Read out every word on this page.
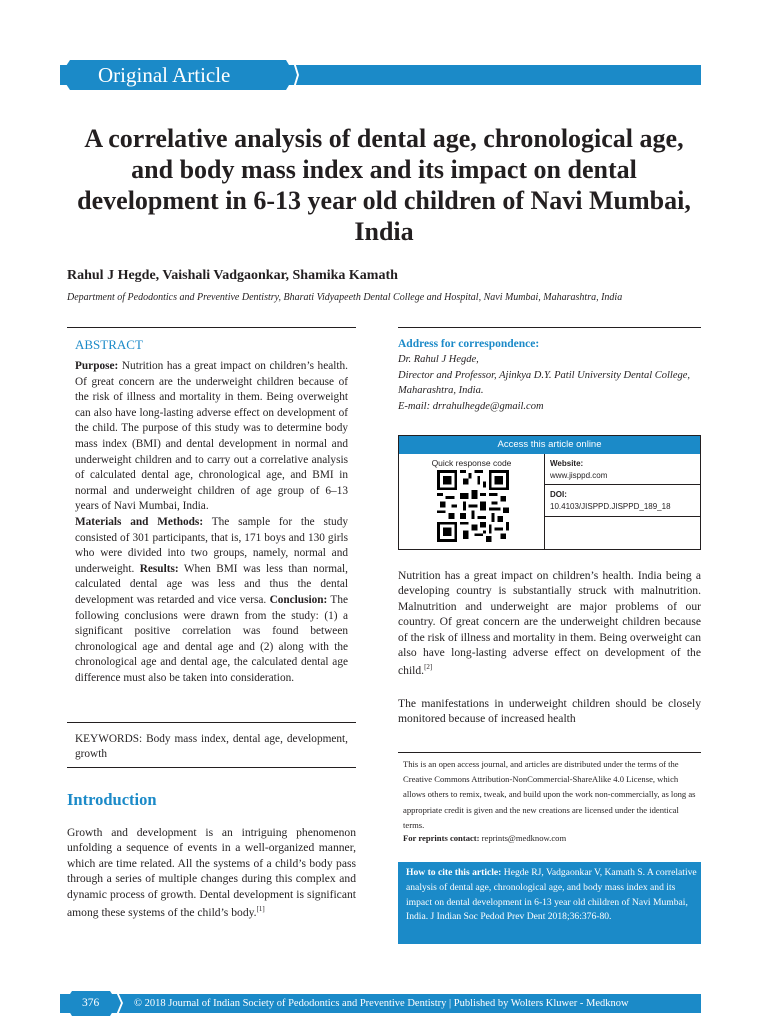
Original Article
A correlative analysis of dental age, chronological age, and body mass index and its impact on dental development in 6-13 year old children of Navi Mumbai, India
Rahul J Hegde, Vaishali Vadgaonkar, Shamika Kamath
Department of Pedodontics and Preventive Dentistry, Bharati Vidyapeeth Dental College and Hospital, Navi Mumbai, Maharashtra, India
ABSTRACT

Purpose: Nutrition has a great impact on children’s health. Of great concern are the underweight children because of the risk of illness and mortality in them. Being overweight can also have long-lasting adverse effect on development of the child. The purpose of this study was to determine body mass index (BMI) and dental development in normal and underweight children and to carry out a correlative analysis of calculated dental age, chronological age, and BMI in normal and underweight children of age group of 6–13 years of Navi Mumbai, India.
Materials and Methods: The sample for the study consisted of 301 participants, that is, 171 boys and 130 girls who were divided into two groups, namely, normal and underweight. Results: When BMI was less than normal, calculated dental age was less and thus the dental development was retarded and vice versa. Conclusion: The following conclusions were drawn from the study: (1) a significant positive correlation was found between chronological age and dental age and (2) along with the chronological age and dental age, the calculated dental age difference must also be taken into consideration.

KEYWORDS: Body mass index, dental age, development, growth
Introduction

Growth and development is an intriguing phenomenon unfolding a sequence of events in a well-organized manner, which are time related. All the systems of a child’s body pass through a series of multiple changes during this complex and dynamic process of growth. Dental development is significant among these systems of the child’s body.[1]

Address for correspondence:
Dr. Rahul J Hegde,
Director and Professor, Ajinkya D.Y. Patil University Dental College, Maharashtra, India.
E-mail: drrahulhegde@gmail.com
Access this article online
Quick response code	Website:
www.jisppd.com
DOI:
10.4103/JISPPD.JISPPD_189_18

Nutrition has a great impact on children’s health. India being a developing country is substantially struck with malnutrition. Malnutrition and underweight are major problems of our country. Of great concern are the underweight children because of the risk of illness and mortality in them. Being overweight can also have long-lasting adverse effect on development of the child.[2]

The manifestations in underweight children should be closely monitored because of increased health

This is an open access journal, and articles are distributed under the terms of the Creative Commons Attribution-NonCommercial-ShareAlike 4.0 License, which allows others to remix, tweak, and build upon the work non-commercially, as long as appropriate credit is given and the new creations are licensed under the identical terms.

For reprints contact: reprints@medknow.com

How to cite this article: Hegde RJ, Vadgaonkar V, Kamath S. A correlative analysis of dental age, chronological age, and body mass index and its impact on dental development in 6-13 year old children of Navi Mumbai, India. J Indian Soc Pedod Prev Dent 2018;36:376-80.

376	© 2018 Journal of Indian Society of Pedodontics and Preventive Dentistry | Published by Wolters Kluwer - Medknow
